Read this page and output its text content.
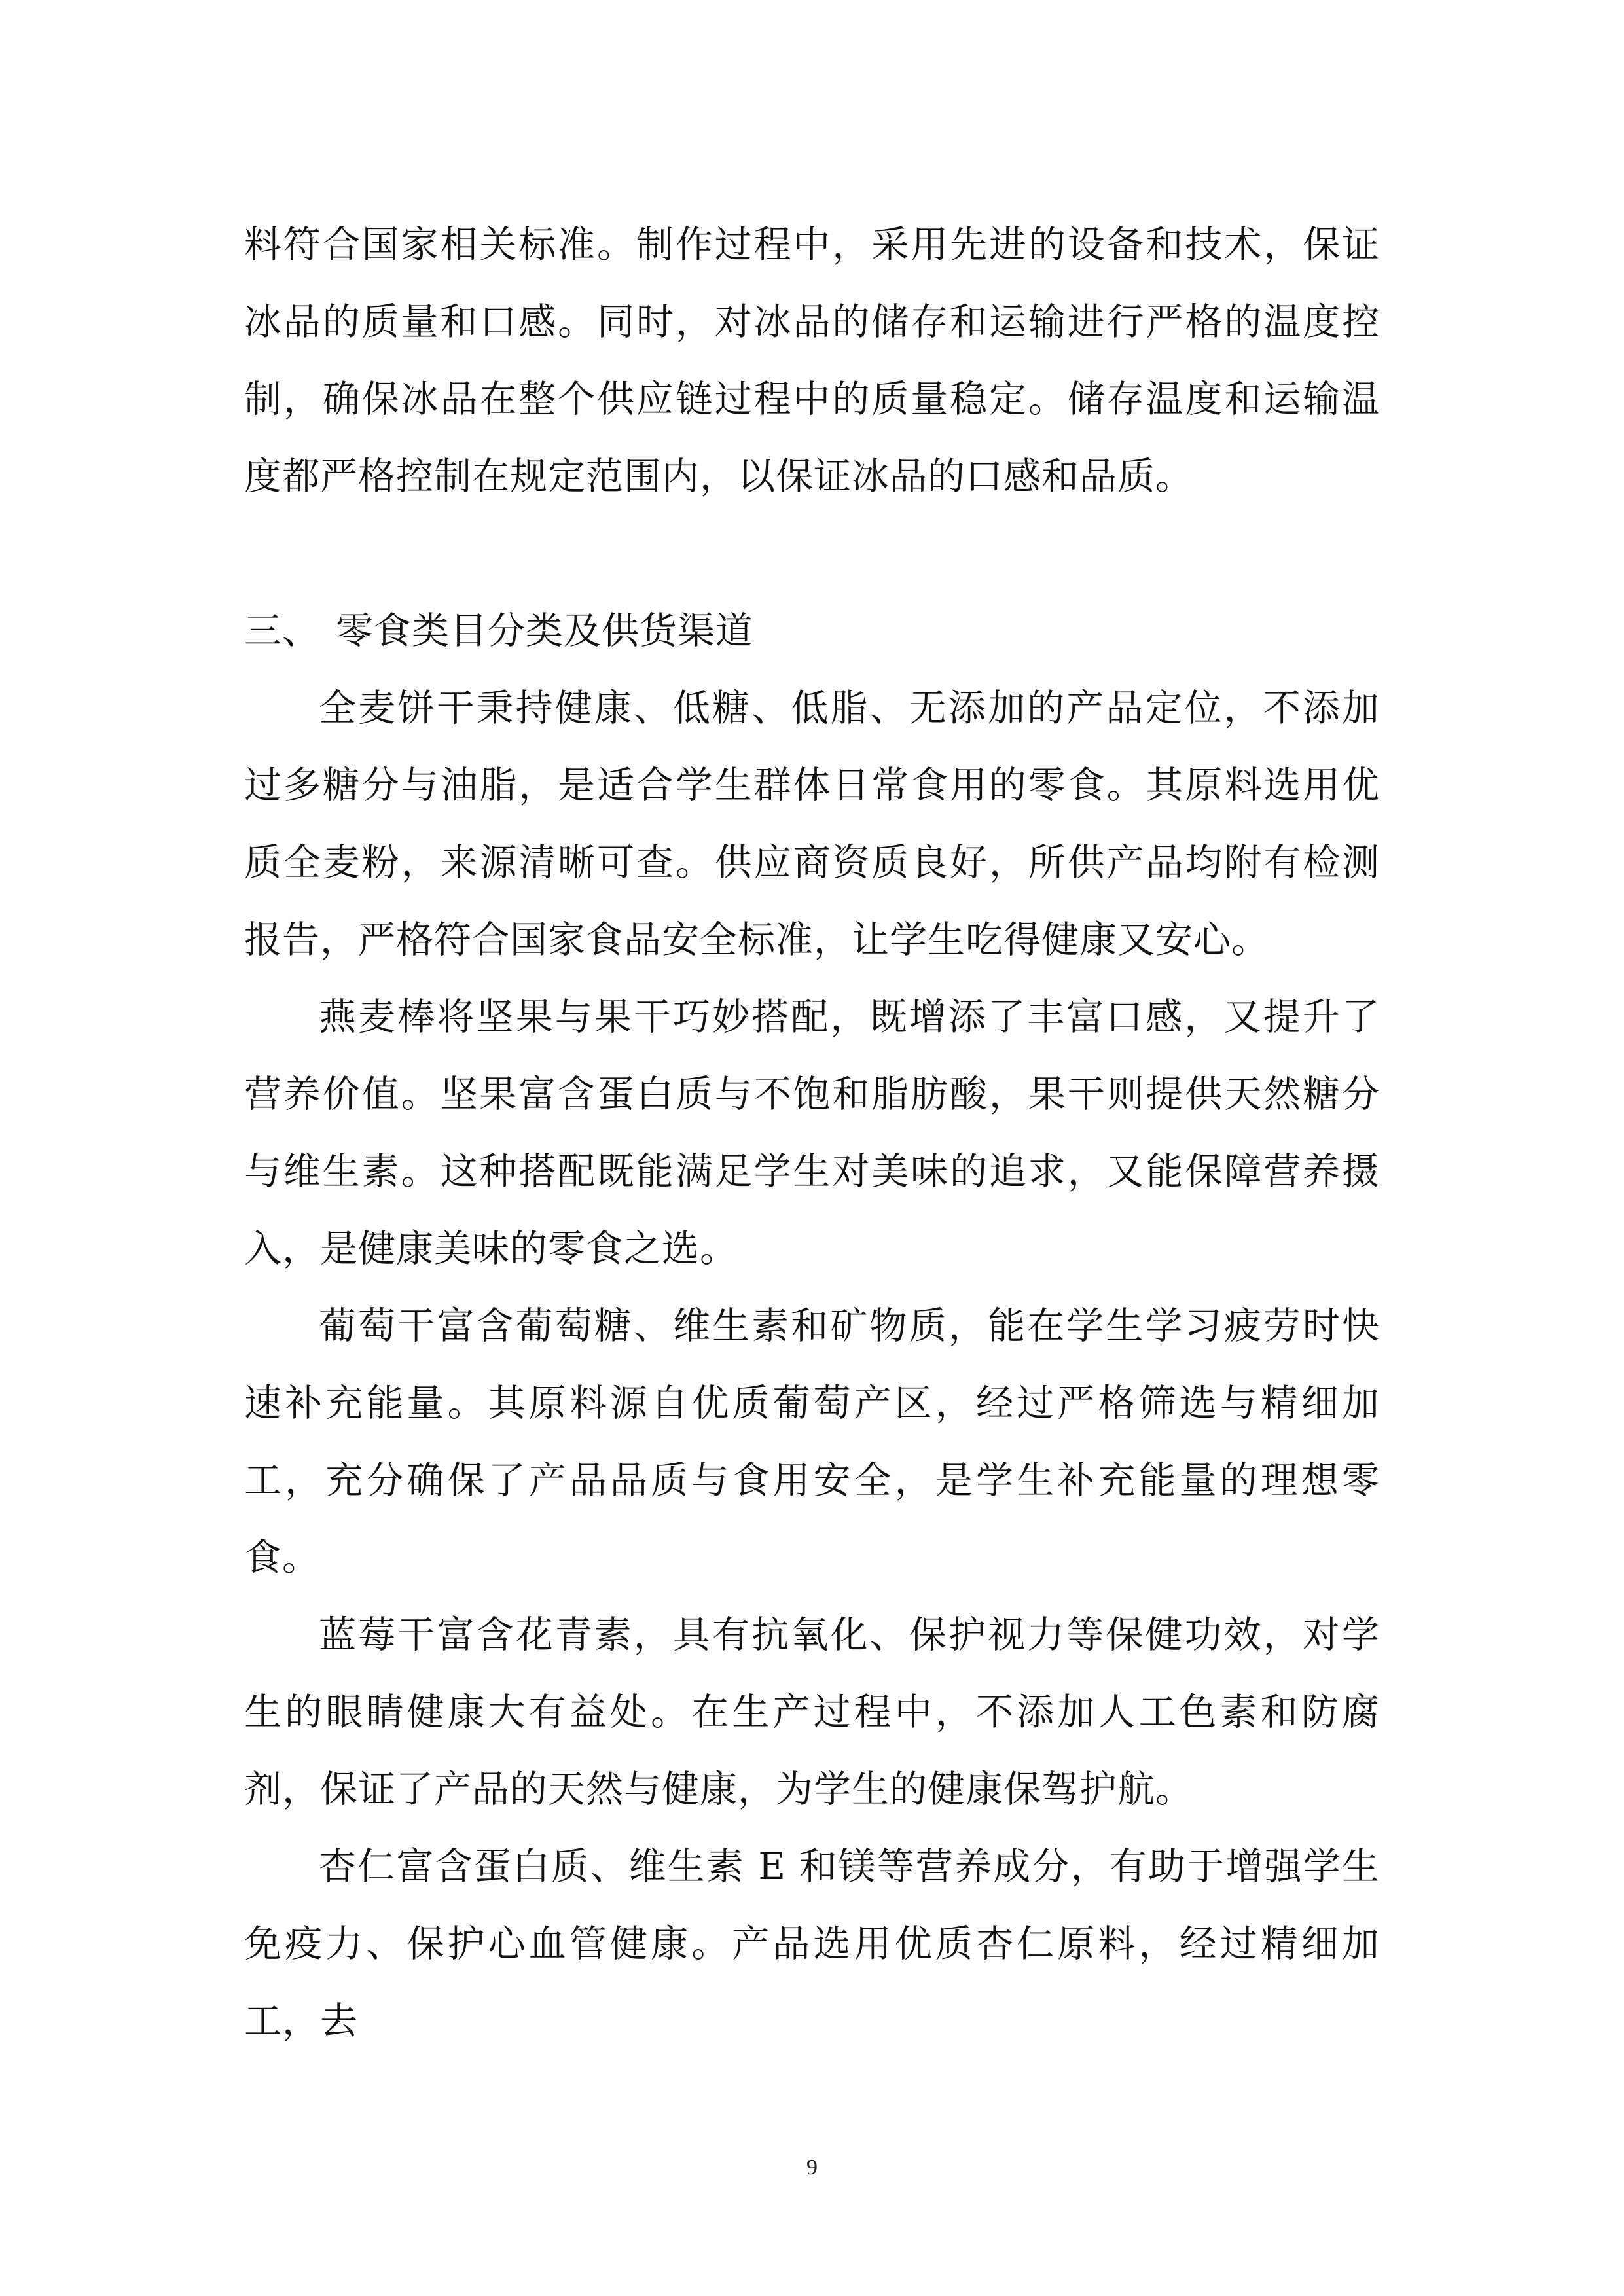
料符合国家相关标准。制作过程中，采用先进的设备和技术，保证冰品的质量和口感。同时，对冰品的储存和运输进行严格的温度控制，确保冰品在整个供应链过程中的质量稳定。储存温度和运输温度都严格控制在规定范围内，以保证冰品的口感和品质。

三、 零食类目分类及供货渠道

全麦饼干秉持健康、低糖、低脂、无添加的产品定位，不添加过多糖分与油脂，是适合学生群体日常食用的零食。其原料选用优质全麦粉，来源清晰可查。供应商资质良好，所供产品均附有检测报告，严格符合国家食品安全标准，让学生吃得健康又安心。

燕麦棒将坚果与果干巧妙搭配，既增添了丰富口感，又提升了营养价值。坚果富含蛋白质与不饱和脂肪酸，果干则提供天然糖分与维生素。这种搭配既能满足学生对美味的追求，又能保障营养摄入，是健康美味的零食之选。

葡萄干富含葡萄糖、维生素和矿物质，能在学生学习疲劳时快速补充能量。其原料源自优质葡萄产区，经过严格筛选与精细加工，充分确保了产品品质与食用安全，是学生补充能量的理想零食。

蓝莓干富含花青素，具有抗氧化、保护视力等保健功效，对学生的眼睛健康大有益处。在生产过程中，不添加人工色素和防腐剂，保证了产品的天然与健康，为学生的健康保驾护航。

杏仁富含蛋白质、维生素 E 和镁等营养成分，有助于增强学生免疫力、保护心血管健康。产品选用优质杏仁原料，经过精细加工，去

9
